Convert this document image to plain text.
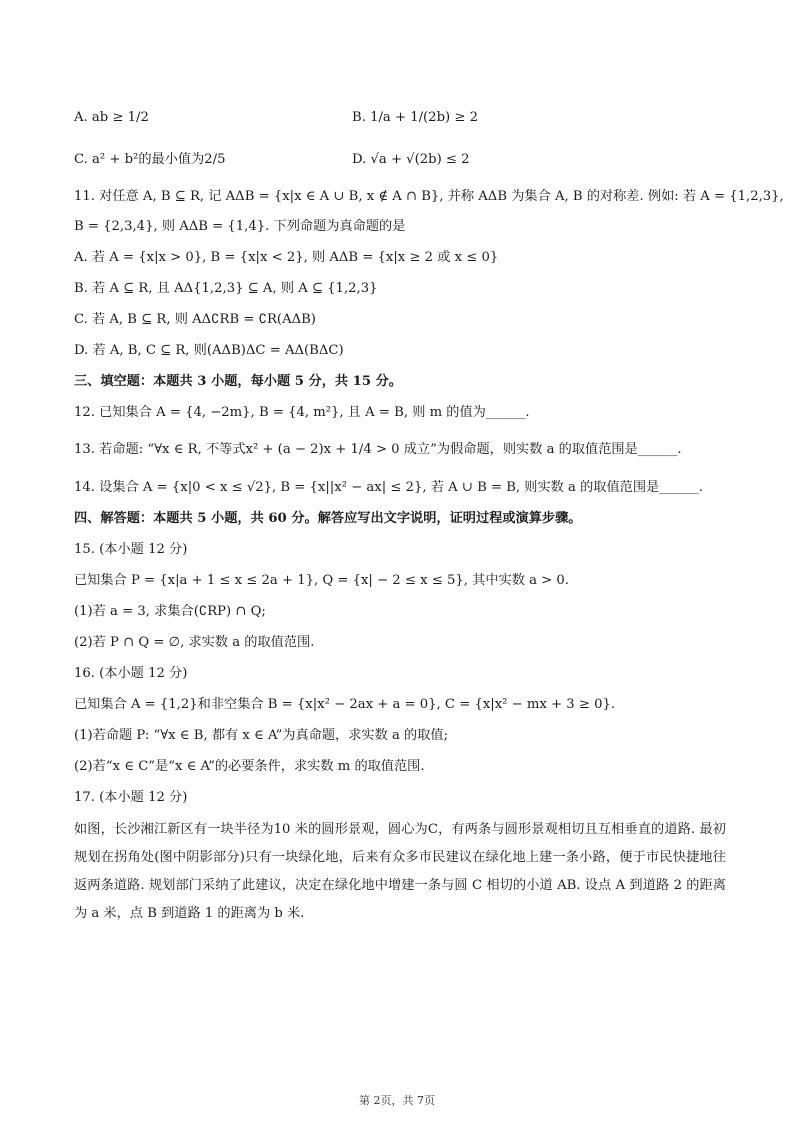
A. ab ≥ 1/2	B. 1/a + 1/(2b) ≥ 2
C. a² + b²的最小值为2/5	D. √a + √(2b) ≤ 2
11. 对任意 A, B ⊆ R, 记 AΔB = {x|x ∈ A ∪ B, x ∉ A ∩ B}, 并称 AΔB 为集合 A, B 的对称差. 例如: 若 A = {1,2,3},
B = {2,3,4}, 则 AΔB = {1,4}. 下列命题为真命题的是
A. 若 A = {x|x > 0}, B = {x|x < 2}, 则 AΔB = {x|x ≥ 2 或 x ≤ 0}
B. 若 A ⊆ R, 且 AΔ{1,2,3} ⊆ A, 则 A ⊆ {1,2,3}
C. 若 A, B ⊆ R, 则 AΔ∁RB = ∁R(AΔB)
D. 若 A, B, C ⊆ R, 则(AΔB)ΔC = AΔ(BΔC)
三、填空题：本题共 3 小题，每小题 5 分，共 15 分。
12. 已知集合 A = {4, −2m}, B = {4, m²}, 且 A = B, 则 m 的值为______.
13. 若命题: “∀x ∈ R, 不等式x² + (a − 2)x + 1/4 > 0 成立”为假命题，则实数 a 的取值范围是______.
14. 设集合 A = {x|0 < x ≤ √2}, B = {x||x² − ax| ≤ 2}, 若 A ∪ B = B, 则实数 a 的取值范围是______.
四、解答题：本题共 5 小题，共 60 分。解答应写出文字说明，证明过程或演算步骤。
15. (本小题 12 分)
已知集合 P = {x|a + 1 ≤ x ≤ 2a + 1}, Q = {x| − 2 ≤ x ≤ 5}, 其中实数 a > 0.
(1)若 a = 3, 求集合(∁RP) ∩ Q;
(2)若 P ∩ Q = ∅, 求实数 a 的取值范围.
16. (本小题 12 分)
已知集合 A = {1,2}和非空集合 B = {x|x² − 2ax + a = 0}, C = {x|x² − mx + 3 ≥ 0}.
(1)若命题 P: “∀x ∈ B, 都有 x ∈ A”为真命题，求实数 a 的取值;
(2)若“x ∈ C”是“x ∈ A”的必要条件，求实数 m 的取值范围.
17. (本小题 12 分)
如图，长沙湘江新区有一块半径为10 米的圆形景观，圆心为C，有两条与圆形景观相切且互相垂直的道路. 最初规划在拐角处(图中阴影部分)只有一块绿化地，后来有众多市民建议在绿化地上建一条小路，便于市民快捷地往返两条道路. 规划部门采纳了此建议，决定在绿化地中增建一条与圆 C 相切的小道 AB. 设点 A 到道路 2 的距离为 a 米，点 B 到道路 1 的距离为 b 米.
第 2页，共 7页
